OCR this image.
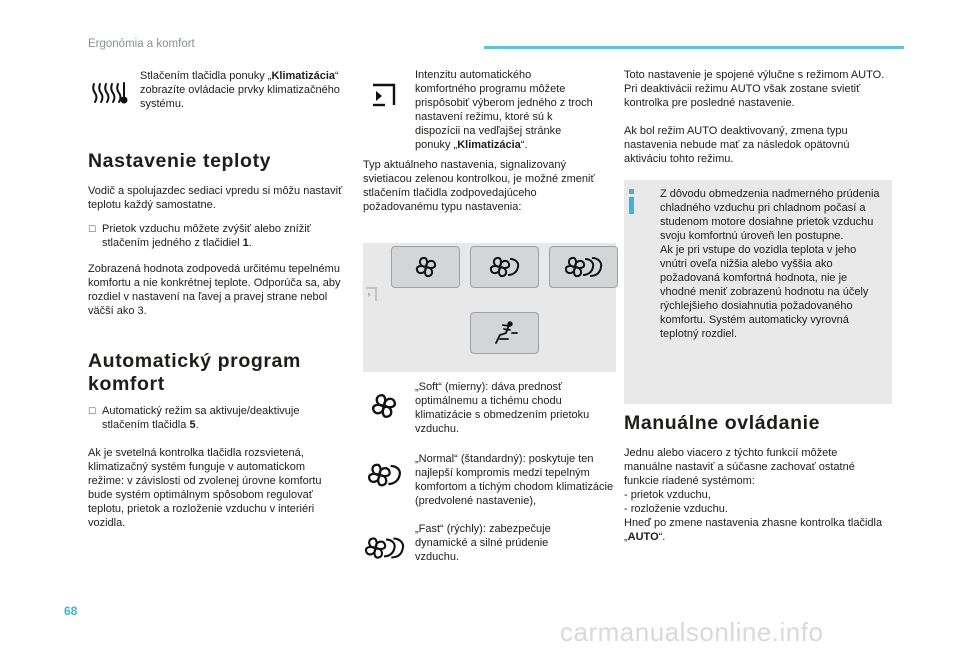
Ergonómia a komfort
Stlačením tlačidla ponuky „Klimatizácia“ zobrazíte ovládacie prvky klimatizačného systému.
Nastavenie teploty
Vodič a spolujazdec sediaci vpredu si môžu nastaviť teplotu každý samostatne.
☐ Prietok vzduchu môžete zvýšiť alebo znížiť stlačením jedného z tlačidiel 1.
Zobrazená hodnota zodpovedá určitému tepelnému komfortu a nie konkrétnej teplote. Odporúča sa, aby rozdiel v nastavení na ľavej a pravej strane nebol väčší ako 3.
Automatický program komfort
☐ Automatický režim sa aktivuje/deaktivuje stlačením tlačidla 5.
Ak je svetelná kontrolka tlačidla rozsvietená, klimatizačný systém funguje v automatickom režime: v závislosti od zvolenej úrovne komfortu bude systém optimálnym spôsobom regulovať teplotu, prietok a rozloženie vzduchu v interiéri vozidla.
Intenzitu automatického komfortného programu môžete prispôsobiť výberom jedného z troch nastavení režimu, ktoré sú k dispozícii na vedľajšej stránke ponuky „Klimatizácia“.
Typ aktuálneho nastavenia, signalizovaný svietiacou zelenou kontrolkou, je možné zmeniť stlačením tlačidla zodpovedajúceho požadovanému typu nastavenia:
„Soft“ (mierny): dáva prednosť optimálnemu a tichému chodu klimatizácie s obmedzením prietoku vzduchu.
„Normal“ (štandardný): poskytuje ten najlepší kompromis medzi tepelným komfortom a tichým chodom klimatizácie (predvolené nastavenie),
„Fast“ (rýchly): zabezpečuje dynamické a silné prúdenie vzduchu.
Toto nastavenie je spojené výlučne s režimom AUTO. Pri deaktivácii režimu AUTO však zostane svietiť kontrolka pre posledné nastavenie.
Ak bol režim AUTO deaktivovaný, zmena typu nastavenia nebude mať za následok opätovnú aktiváciu tohto režimu.
Z dôvodu obmedzenia nadmerného prúdenia chladného vzduchu pri chladnom počasí a studenom motore dosiahne prietok vzduchu svoju komfortnú úroveň len postupne.
Ak je pri vstupe do vozidla teplota v jeho vnútri oveľa nižšia alebo vyššia ako požadovaná komfortná hodnota, nie je vhodné meniť zobrazenú hodnotu na účely rýchlejšieho dosiahnutia požadovaného komfortu. Systém automaticky vyrovná teplotný rozdiel.
Manuálne ovládanie
Jednu alebo viacero z týchto funkcií môžete manuálne nastaviť a súčasne zachovať ostatné funkcie riadené systémom:
- prietok vzduchu,
- rozloženie vzduchu.
Hneď po zmene nastavenia zhasne kontrolka tlačidla „AUTO“.
68
carmanualsonline.info
